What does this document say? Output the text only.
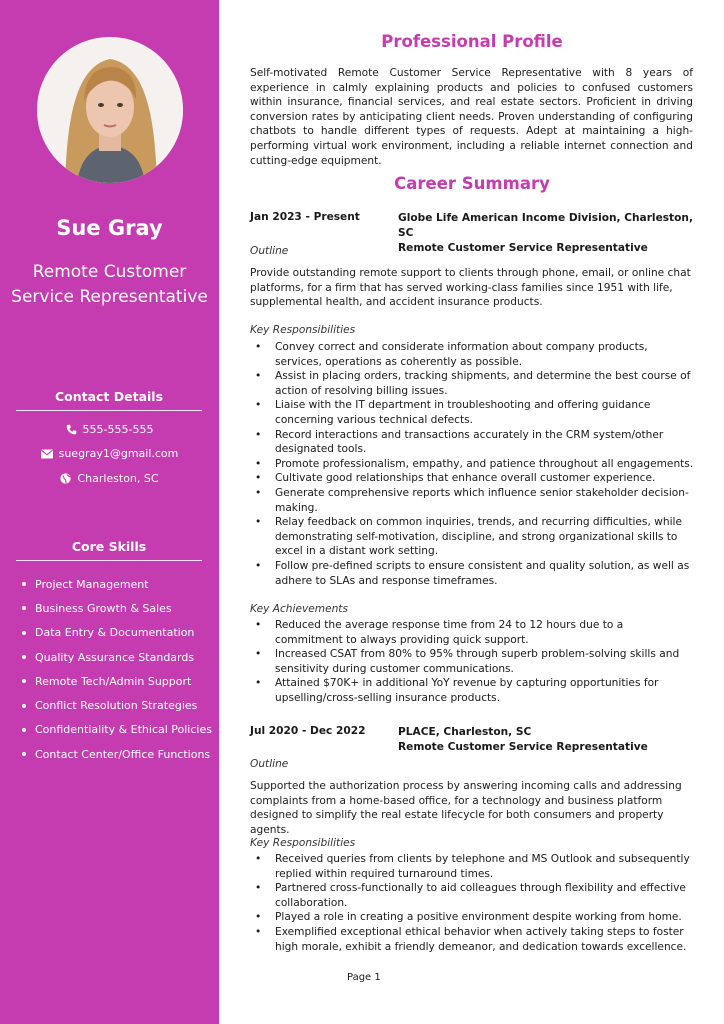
Sue Gray
Remote Customer Service Representative
Contact Details
555-555-555
suegray1@gmail.com
Charleston, SC
Core Skills
Project Management
Business Growth & Sales
Data Entry & Documentation
Quality Assurance Standards
Remote Tech/Admin Support
Conflict Resolution Strategies
Confidentiality & Ethical Policies
Contact Center/Office Functions
Professional Profile
Self-motivated Remote Customer Service Representative with 8 years of experience in calmly explaining products and policies to confused customers within insurance, financial services, and real estate sectors. Proficient in driving conversion rates by anticipating client needs. Proven understanding of configuring chatbots to handle different types of requests. Adept at maintaining a high-performing virtual work environment, including a reliable internet connection and cutting-edge equipment.
Career Summary
Jan 2023 - Present	Globe Life American Income Division, Charleston, SC
Remote Customer Service Representative
Outline
Provide outstanding remote support to clients through phone, email, or online chat platforms, for a firm that has served working-class families since 1951 with life, supplemental health, and accident insurance products.
Key Responsibilities
• Convey correct and considerate information about company products, services, operations as coherently as possible.
• Assist in placing orders, tracking shipments, and determine the best course of action of resolving billing issues.
• Liaise with the IT department in troubleshooting and offering guidance concerning various technical defects.
• Record interactions and transactions accurately in the CRM system/other designated tools.
• Promote professionalism, empathy, and patience throughout all engagements.
• Cultivate good relationships that enhance overall customer experience.
• Generate comprehensive reports which influence senior stakeholder decision-making.
• Relay feedback on common inquiries, trends, and recurring difficulties, while demonstrating self-motivation, discipline, and strong organizational skills to excel in a distant work setting.
• Follow pre-defined scripts to ensure consistent and quality solution, as well as adhere to SLAs and response timeframes.
Key Achievements
• Reduced the average response time from 24 to 12 hours due to a commitment to always providing quick support.
• Increased CSAT from 80% to 95% through superb problem-solving skills and sensitivity during customer communications.
• Attained $70K+ in additional YoY revenue by capturing opportunities for upselling/cross-selling insurance products.
Jul 2020 - Dec 2022	PLACE, Charleston, SC
Remote Customer Service Representative
Outline
Supported the authorization process by answering incoming calls and addressing complaints from a home-based office, for a technology and business platform designed to simplify the real estate lifecycle for both consumers and property agents.
Key Responsibilities
• Received queries from clients by telephone and MS Outlook and subsequently replied within required turnaround times.
• Partnered cross-functionally to aid colleagues through flexibility and effective collaboration.
• Played a role in creating a positive environment despite working from home.
• Exemplified exceptional ethical behavior when actively taking steps to foster high morale, exhibit a friendly demeanor, and dedication towards excellence.
Page 1
